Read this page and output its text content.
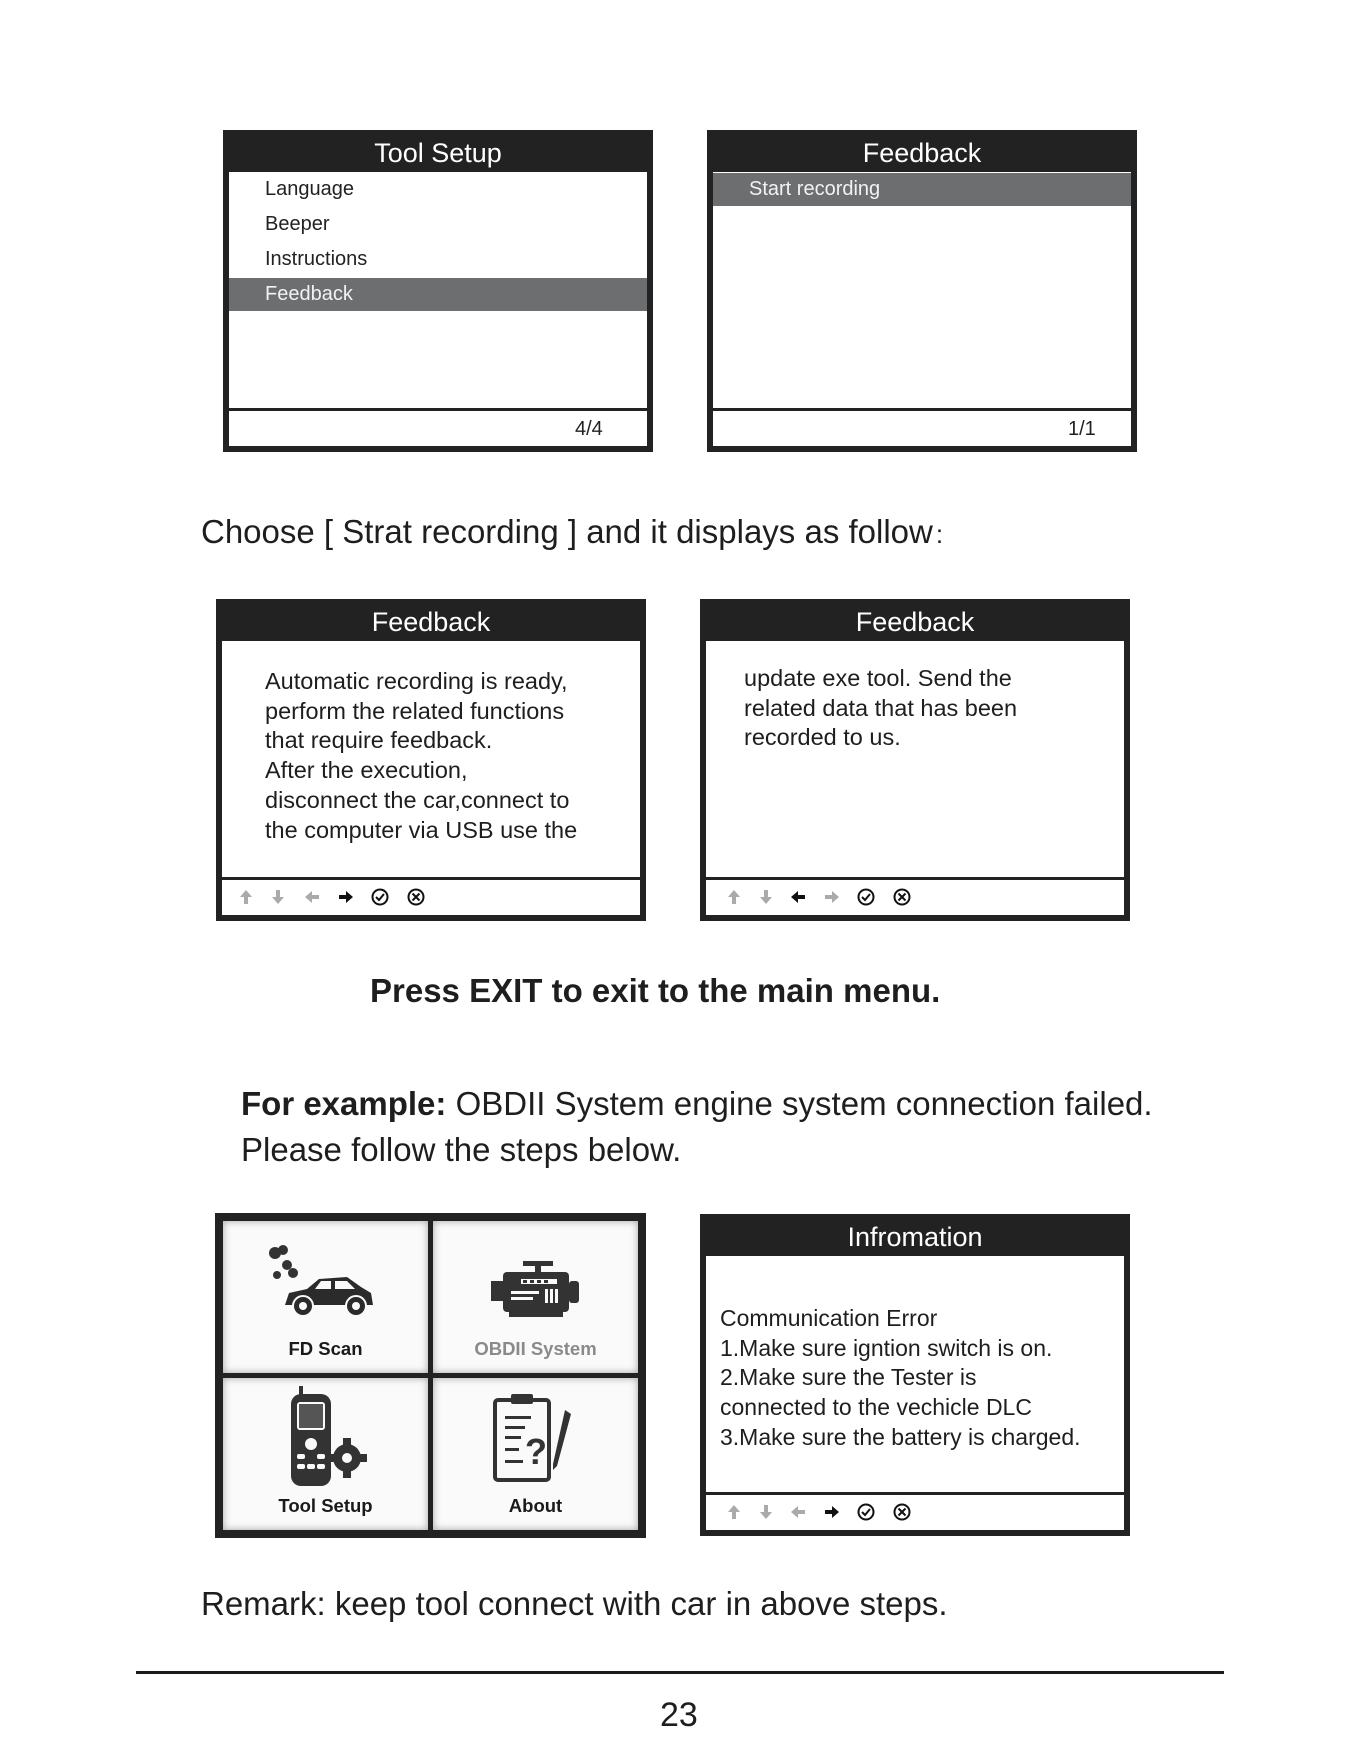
Tool Setup
Language
Beeper
Instructions
Feedback
4/4
Feedback
Start recording
1/1
Choose [ Strat recording ] and it displays as follow :
Feedback
Automatic recording is ready,
perform the related functions
that require feedback.
After the execution,
disconnect the car,connect to
the computer via USB use the
Feedback
update exe tool. Send the
related data that has been
recorded to us.
Press EXIT to exit to the main menu.
For example: OBDII System engine system connection failed.
Please follow the steps below.
FD Scan	OBDII System
Tool Setup
?
About
Infromation
Communication Error
1.Make sure igntion switch is on.
2.Make sure the Tester is
connected to the vechicle DLC
3.Make sure the battery is charged.
Remark: keep tool connect with car in above steps.
23
